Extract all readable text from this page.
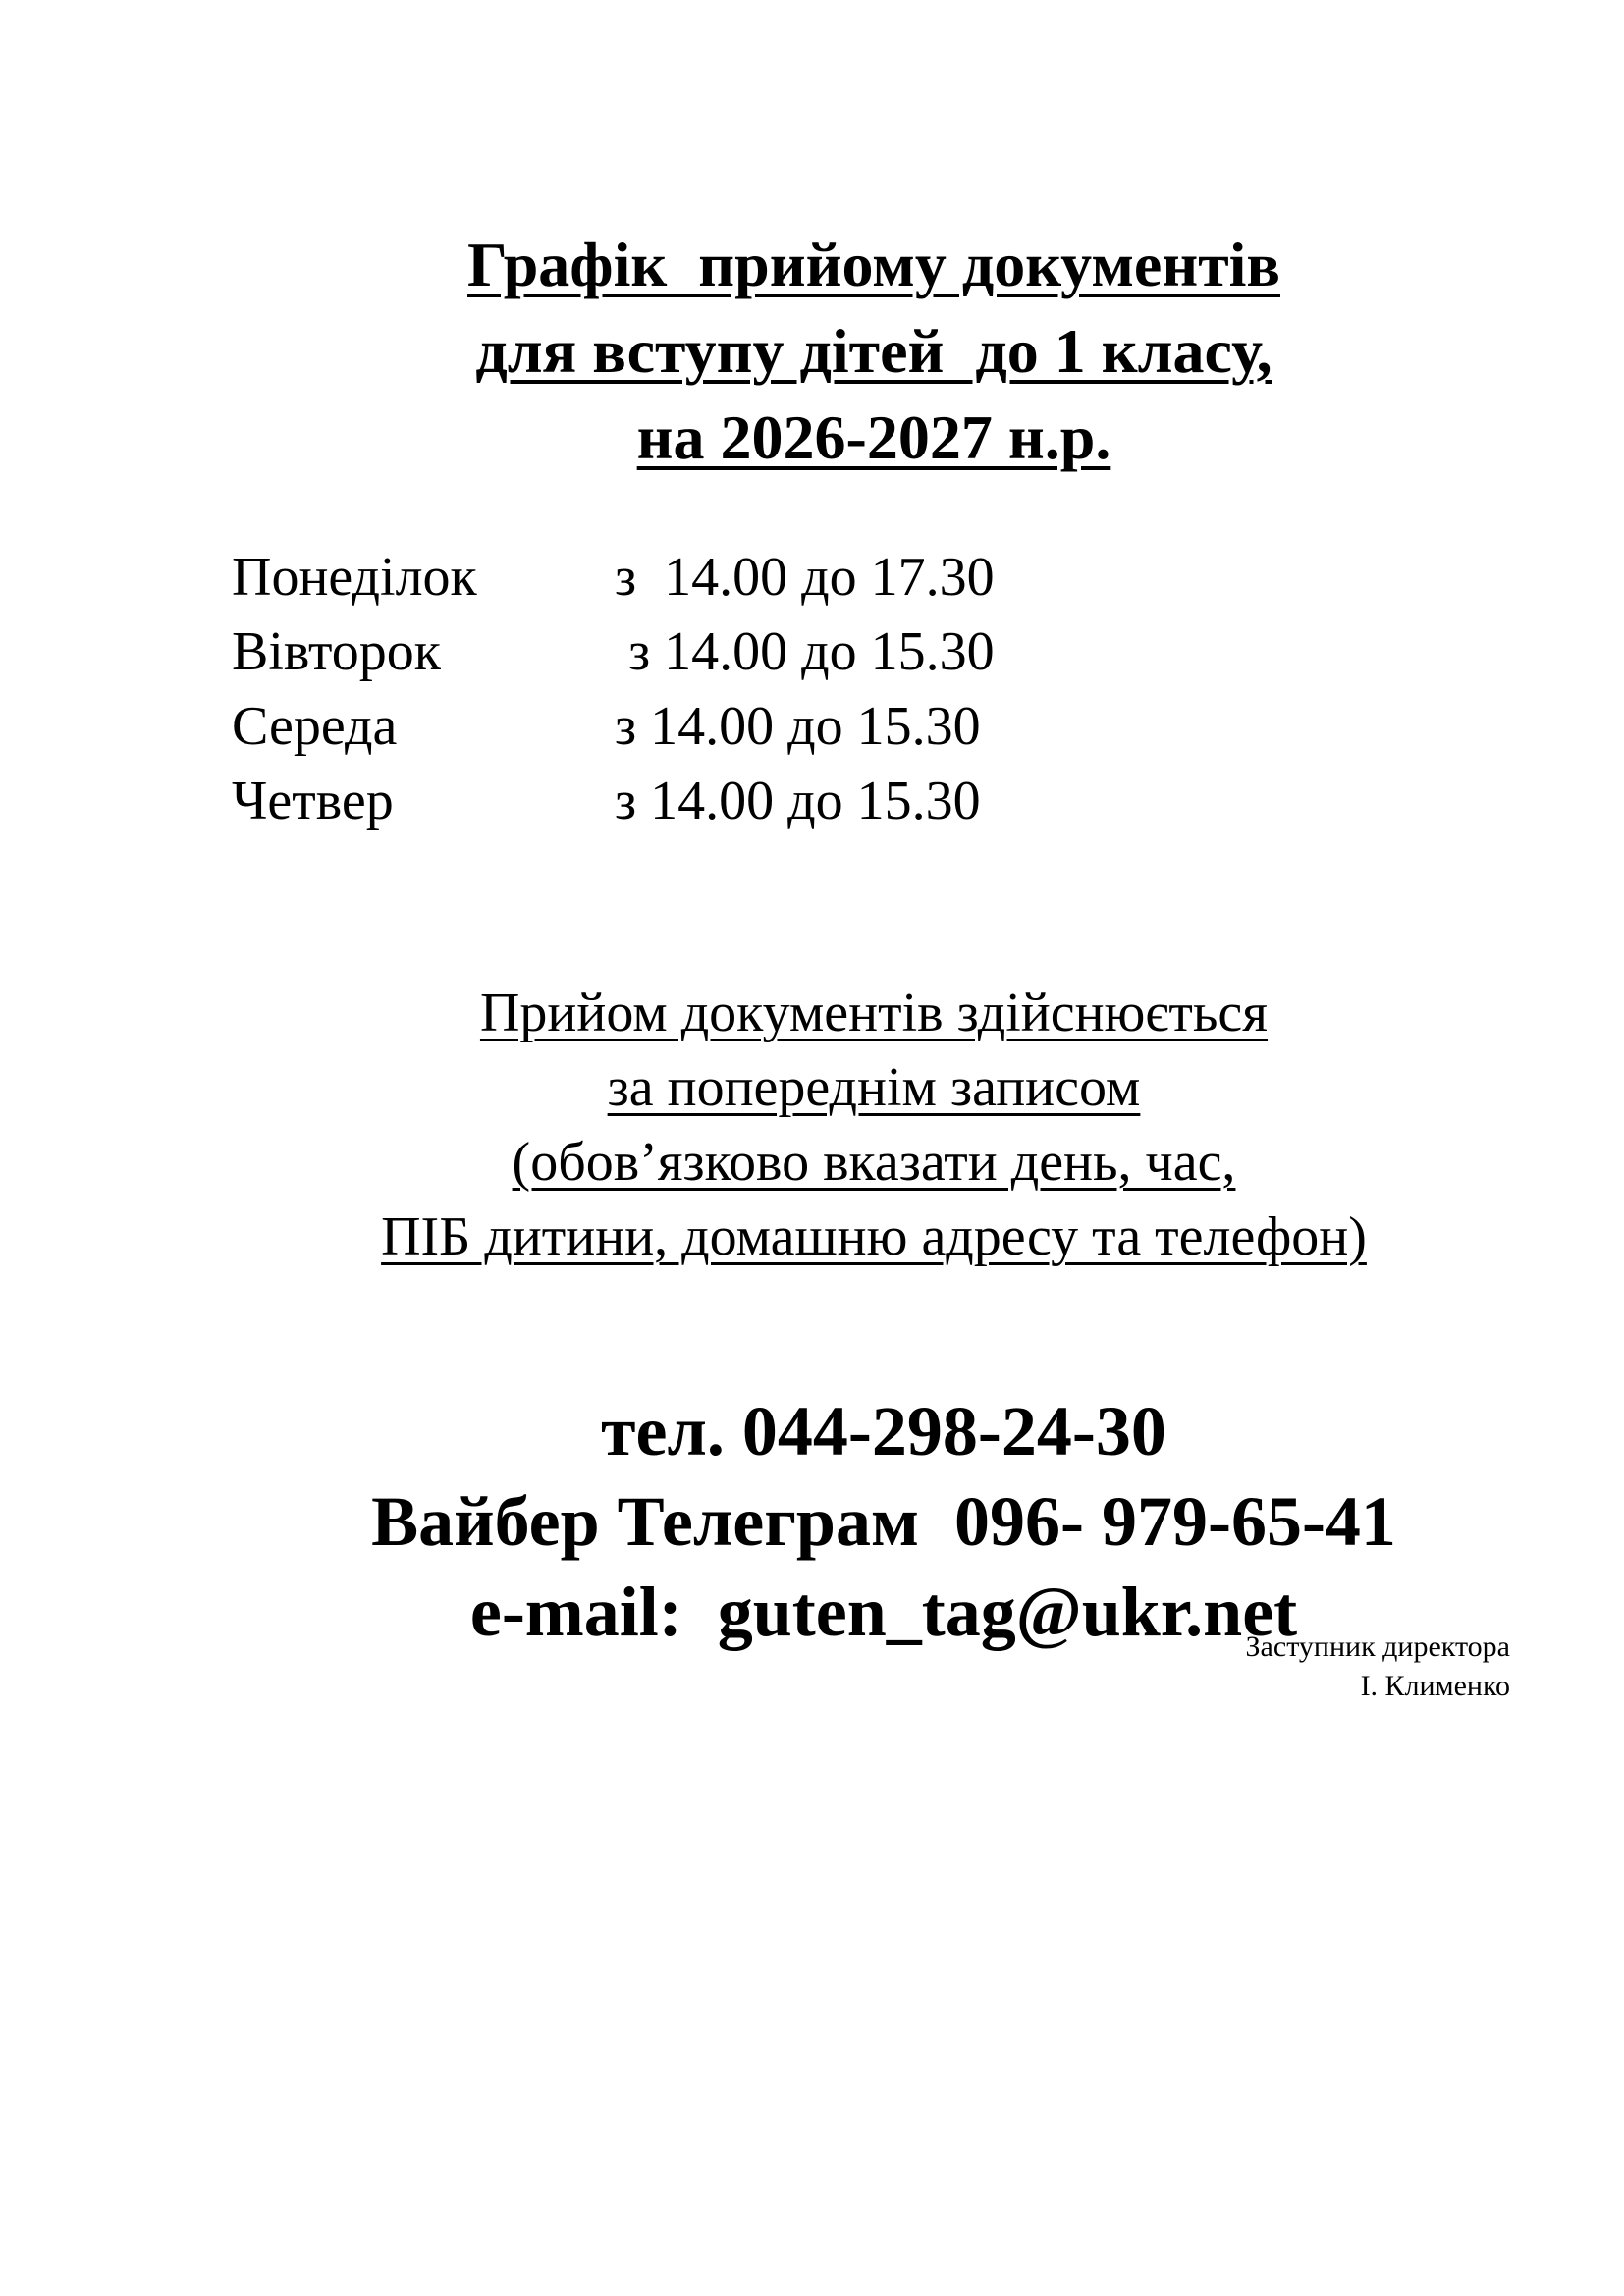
Графік  прийому документів
для вступу дітей  до 1 класу,
на 2026-2027 н.р.
Понеділок	з  14.00 до 17.30
Вівторок	з 14.00 до 15.30
Середа	з 14.00 до 15.30
Четвер	з 14.00 до 15.30
Прийом документів здійснюється
за попереднім записом
(обов’язково вказати день, час,
ПІБ дитини, домашню адресу та телефон)
тел. 044-298-24-30
Вайбер Телеграм  096- 979-65-41
e-mail:  guten_tag@ukr.net
Заступник директора
І. Клименко
